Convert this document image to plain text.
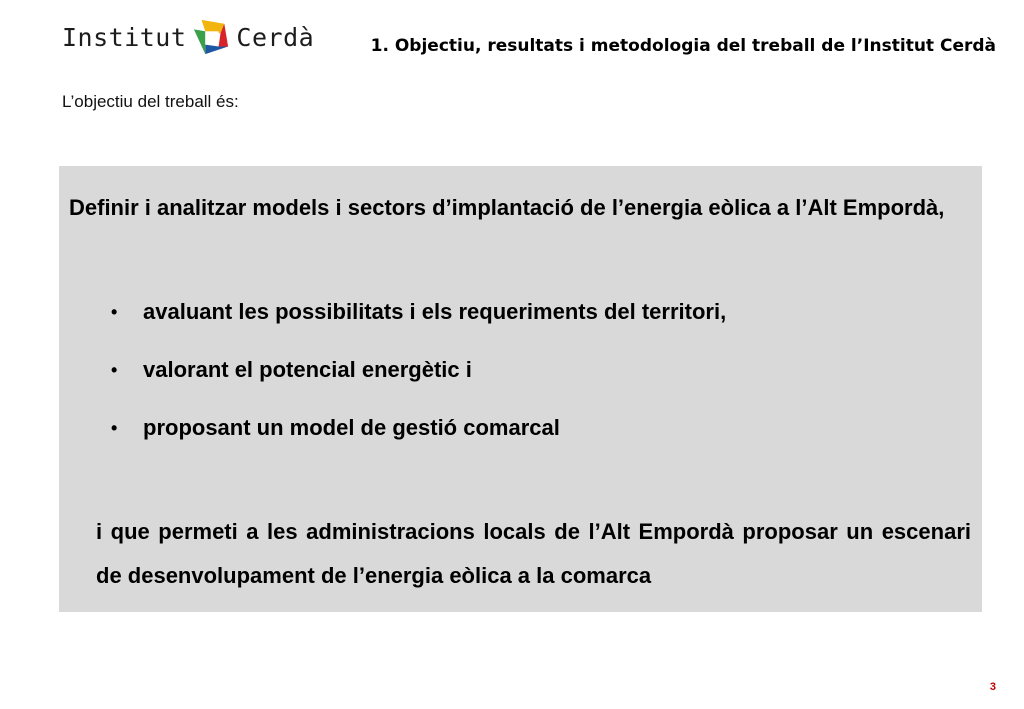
Institut Cerdà	1. Objectiu, resultats i metodologia del treball de l’Institut Cerdà
L’objectiu del treball és:
Definir i analitzar models i sectors d’implantació de l’energia eòlica a l’Alt Empordà,
•	avaluant les possibilitats i els requeriments del territori,
•	valorant el potencial energètic i
•	proposant un model de gestió comarcal
i que permeti a les administracions locals de l’Alt Empordà proposar un escenari de desenvolupament de l’energia eòlica a la comarca
3
